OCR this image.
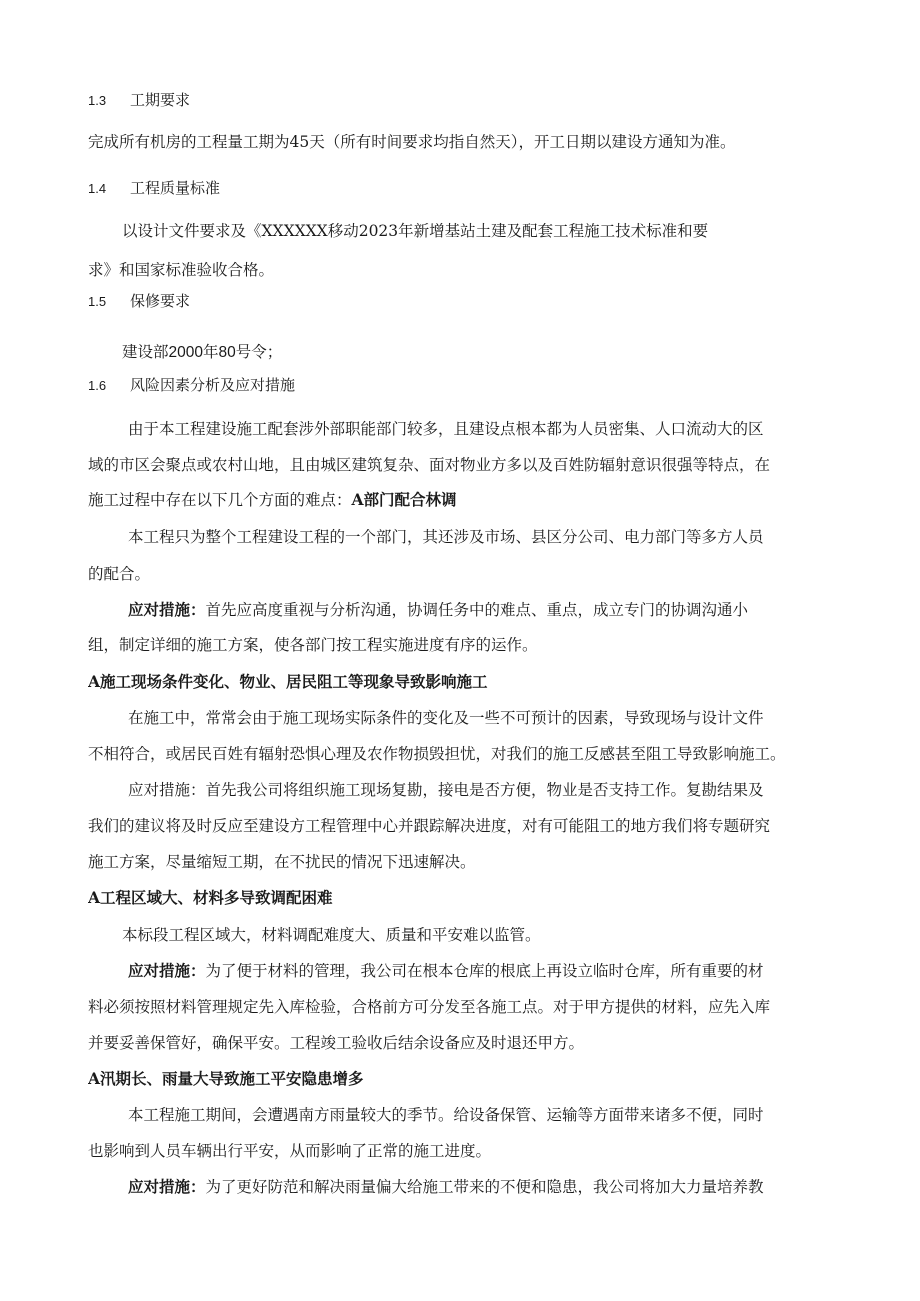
1.3 工期要求
完成所有机房的工程量工期为45天（所有时间要求均指自然天），开工日期以建设方通知为准。
1.4 工程质量标准
以设计文件要求及《XXXXXX移动2023年新增基站土建及配套工程施工技术标准和要
求》和国家标准验收合格。
1.5 保修要求
建设部2000年80号令；
1.6 风险因素分析及应对措施
由于本工程建设施工配套涉外部职能部门较多，且建设点根本都为人员密集、人口流动大的区
域的市区会聚点或农村山地，且由城区建筑复杂、面对物业方多以及百姓防辐射意识很强等特点，在
施工过程中存在以下几个方面的难点：A部门配合林调
本工程只为整个工程建设工程的一个部门，其还涉及市场、县区分公司、电力部门等多方人员
的配合。
应对措施：首先应高度重视与分析沟通，协调任务中的难点、重点，成立专门的协调沟通小
组，制定详细的施工方案，使各部门按工程实施进度有序的运作。
A施工现场条件变化、物业、居民阻工等现象导致影响施工
在施工中，常常会由于施工现场实际条件的变化及一些不可预计的因素，导致现场与设计文件
不相符合，或居民百姓有辐射恐惧心理及农作物损毁担忧，对我们的施工反感甚至阻工导致影响施工。
应对措施：首先我公司将组织施工现场复勘，接电是否方便，物业是否支持工作。复勘结果及
我们的建议将及时反应至建设方工程管理中心并跟踪解决进度，对有可能阻工的地方我们将专题研究
施工方案，尽量缩短工期，在不扰民的情况下迅速解决。
A工程区域大、材料多导致调配困难
本标段工程区域大，材料调配难度大、质量和平安难以监管。
应对措施：为了便于材料的管理，我公司在根本仓库的根底上再设立临时仓库，所有重要的材
料必须按照材料管理规定先入库检验，合格前方可分发至各施工点。对于甲方提供的材料，应先入库
并要妥善保管好，确保平安。工程竣工验收后结余设备应及时退还甲方。
A汛期长、雨量大导致施工平安隐患增多
本工程施工期间，会遭遇南方雨量较大的季节。给设备保管、运输等方面带来诸多不便，同时
也影响到人员车辆出行平安，从而影响了正常的施工进度。
应对措施：为了更好防范和解决雨量偏大给施工带来的不便和隐患，我公司将加大力量培养教
